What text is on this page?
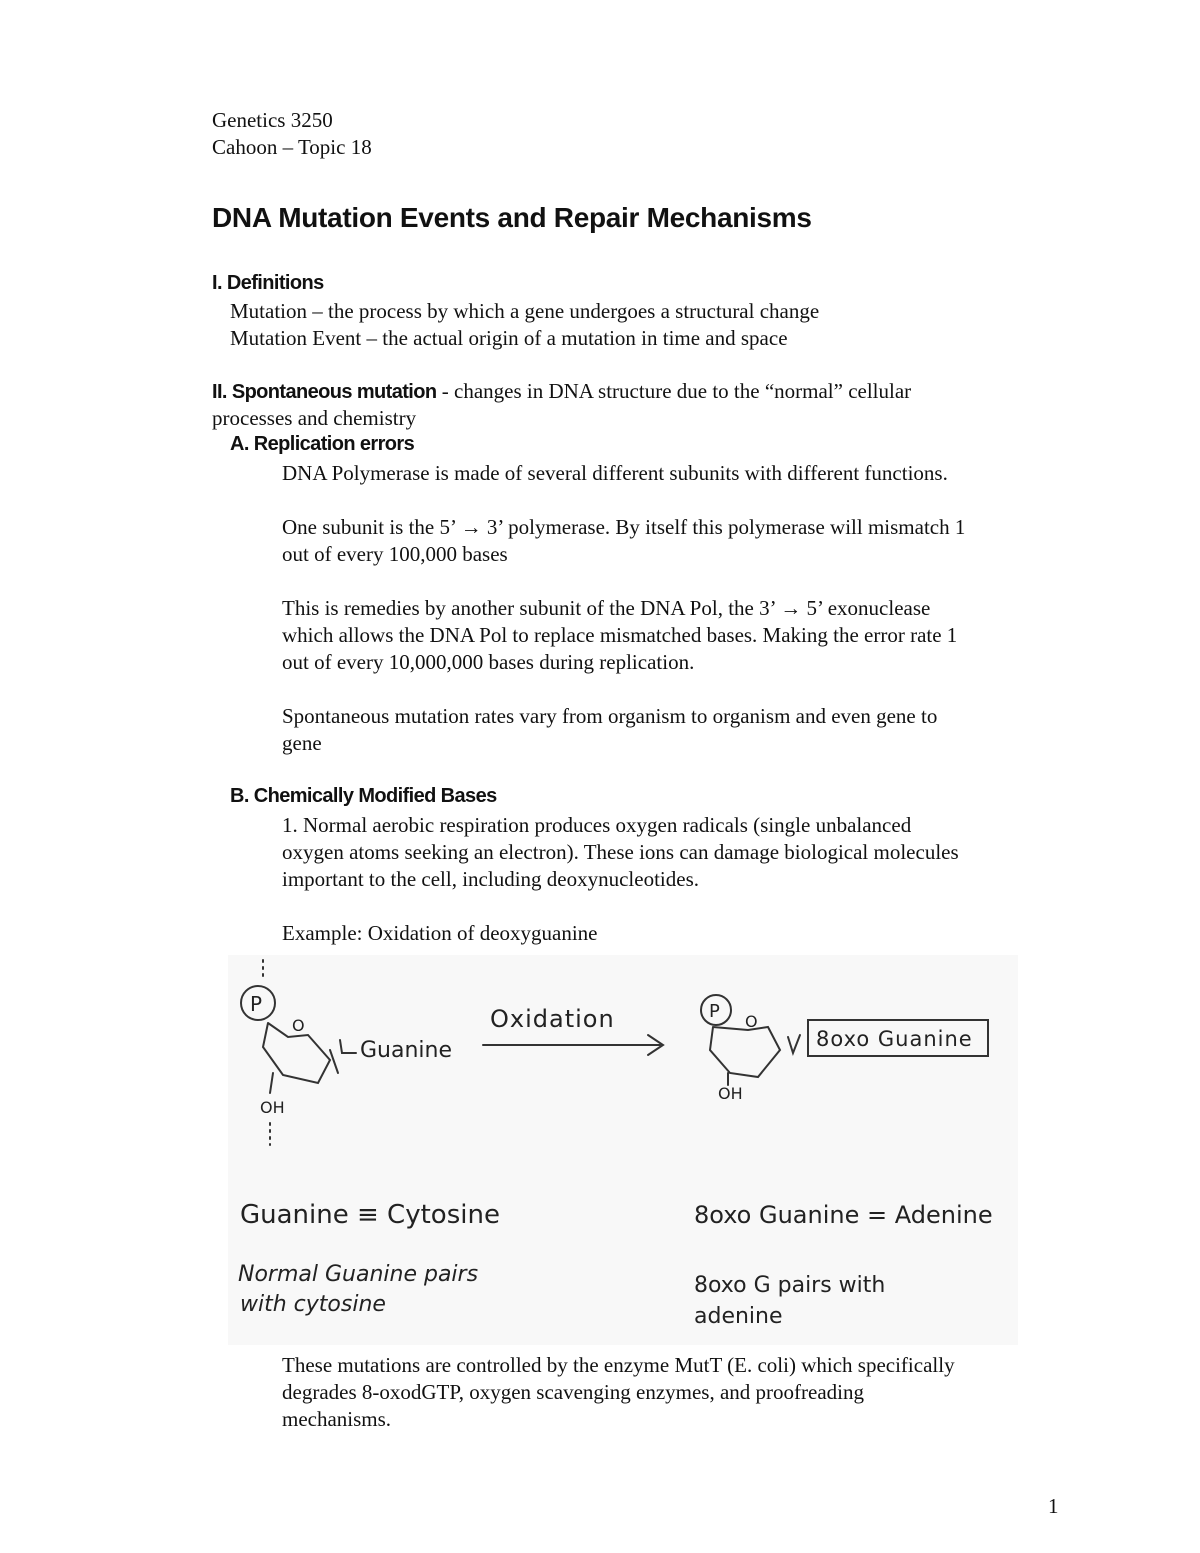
Genetics 3250
Cahoon – Topic 18
DNA Mutation Events and Repair Mechanisms
I. Definitions
Mutation – the process by which a gene undergoes a structural change
Mutation Event – the actual origin of a mutation in time and space
II. Spontaneous mutation - changes in DNA structure due to the “normal” cellular
processes and chemistry
A. Replication errors
DNA Polymerase is made of several different subunits with different functions.
One subunit is the 5’ → 3’ polymerase. By itself this polymerase will mismatch 1
out of every 100,000 bases
This is remedies by another subunit of the DNA Pol, the 3’ → 5’ exonuclease
which allows the DNA Pol to replace mismatched bases. Making the error rate 1
out of every 10,000,000 bases during replication.
Spontaneous mutation rates vary from organism to organism and even gene to
gene
B. Chemically Modified Bases
1. Normal aerobic respiration produces oxygen radicals (single unbalanced
oxygen atoms seeking an electron). These ions can damage biological molecules
important to the cell, including deoxynucleotides.
Example: Oxidation of deoxyguanine
P
O
Guanine
OH
Oxidation	P O
OH
8oxo Guanine
Guanine ≡ Cytosine
Normal Guanine pairs
with cytosine
8oxo Guanine = Adenine
8oxo G pairs with
adenine
These mutations are controlled by the enzyme MutT (E. coli) which specifically
degrades 8-oxodGTP, oxygen scavenging enzymes, and proofreading
mechanisms.
1
